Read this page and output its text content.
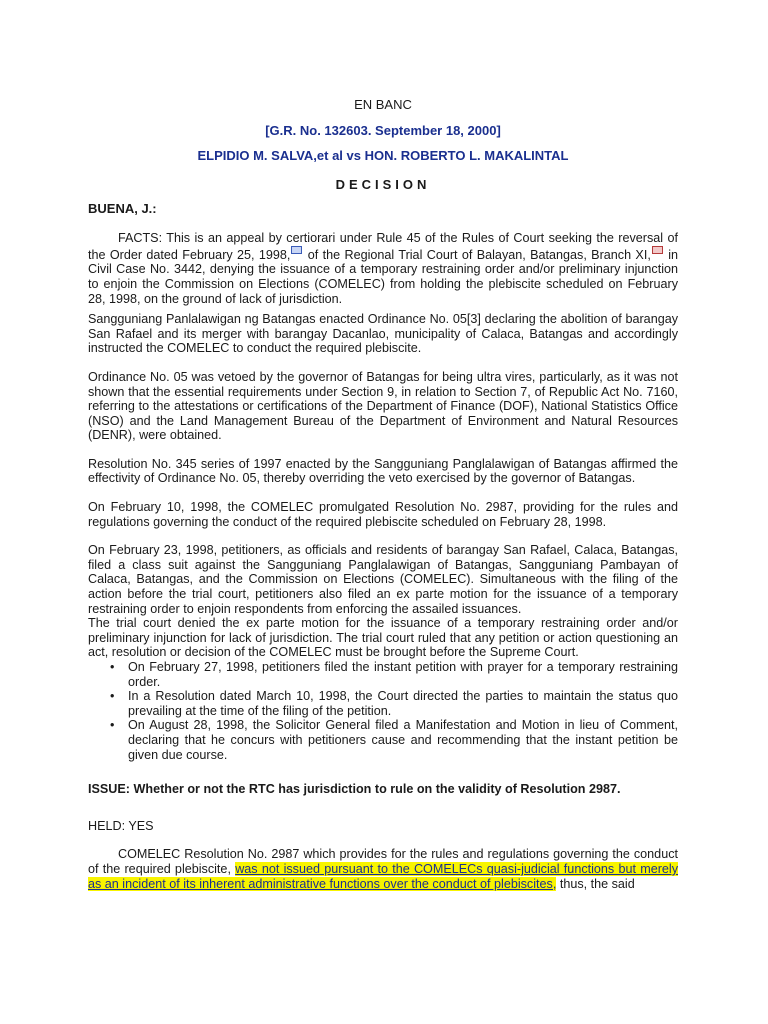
EN BANC
[G.R. No. 132603. September 18, 2000]
ELPIDIO M. SALVA,et al vs HON. ROBERTO L. MAKALINTAL
DECISION
BUENA, J.:

FACTS: This is an appeal by certiorari under Rule 45 of the Rules of Court seeking the reversal of the Order dated February 25, 1998, of the Regional Trial Court of Balayan, Batangas, Branch XI, in Civil Case No. 3442, denying the issuance of a temporary restraining order and/or preliminary injunction to enjoin the Commission on Elections (COMELEC) from holding the plebiscite scheduled on February 28, 1998, on the ground of lack of jurisdiction.

Sangguniang Panlalawigan ng Batangas enacted Ordinance No. 05[3] declaring the abolition of barangay San Rafael and its merger with barangay Dacanlao, municipality of Calaca, Batangas and accordingly instructed the COMELEC to conduct the required plebiscite.

Ordinance No. 05 was vetoed by the governor of Batangas for being ultra vires, particularly, as it was not shown that the essential requirements under Section 9, in relation to Section 7, of Republic Act No. 7160, referring to the attestations or certifications of the Department of Finance (DOF), National Statistics Office (NSO) and the Land Management Bureau of the Department of Environment and Natural Resources (DENR), were obtained.

Resolution No. 345 series of 1997 enacted by the Sangguniang Panglalawigan of Batangas affirmed the effectivity of Ordinance No. 05, thereby overriding the veto exercised by the governor of Batangas.

On February 10, 1998, the COMELEC promulgated Resolution No. 2987, providing for the rules and regulations governing the conduct of the required plebiscite scheduled on February 28, 1998.

On February 23, 1998, petitioners, as officials and residents of barangay San Rafael, Calaca, Batangas, filed a class suit against the Sangguniang Panglalawigan of Batangas, Sangguniang Pambayan of Calaca, Batangas, and the Commission on Elections (COMELEC). Simultaneous with the filing of the action before the trial court, petitioners also filed an ex parte motion for the issuance of a temporary restraining order to enjoin respondents from enforcing the assailed issuances.

The trial court denied the ex parte motion for the issuance of a temporary restraining order and/or preliminary injunction for lack of jurisdiction. The trial court ruled that any petition or action questioning an act, resolution or decision of the COMELEC must be brought before the Supreme Court.

• On February 27, 1998, petitioners filed the instant petition with prayer for a temporary restraining order.
• In a Resolution dated March 10, 1998, the Court directed the parties to maintain the status quo prevailing at the time of the filing of the petition.
• On August 28, 1998, the Solicitor General filed a Manifestation and Motion in lieu of Comment, declaring that he concurs with petitioners cause and recommending that the instant petition be given due course.

ISSUE: Whether or not the RTC has jurisdiction to rule on the validity of Resolution 2987.

HELD: YES

COMELEC Resolution No. 2987 which provides for the rules and regulations governing the conduct of the required plebiscite, was not issued pursuant to the COMELECs quasi-judicial functions but merely as an incident of its inherent administrative functions over the conduct of plebiscites, thus, the said
